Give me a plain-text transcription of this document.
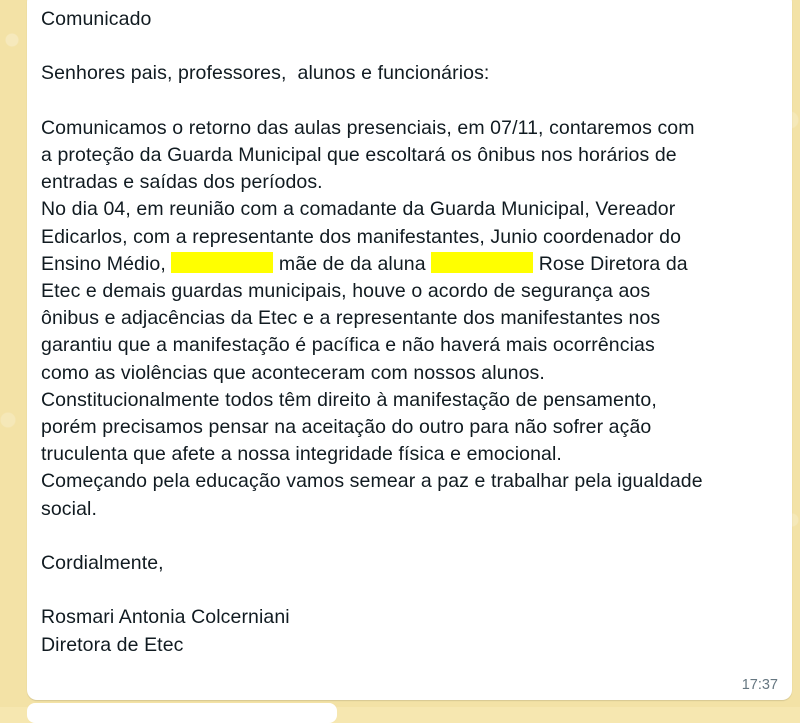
Comunicado

Senhores pais, professores,  alunos e funcionários:

Comunicamos o retorno das aulas presenciais, em 07/11, contaremos com
a proteção da Guarda Municipal que escoltará os ônibus nos horários de
entradas e saídas dos períodos.
No dia 04, em reunião com a comadante da Guarda Municipal, Vereador
Edicarlos, com a representante dos manifestantes, Junio coordenador do
Ensino Médio,	mãe de da aluna	Rose Diretora da
Etec e demais guardas municipais, houve o acordo de segurança aos
ônibus e adjacências da Etec e a representante dos manifestantes nos
garantiu que a manifestação é pacífica e não haverá mais ocorrências
como as violências que aconteceram com nossos alunos.
Constitucionalmente todos têm direito à manifestação de pensamento,
porém precisamos pensar na aceitação do outro para não sofrer ação
truculenta que afete a nossa integridade física e emocional.
Começando pela educação vamos semear a paz e trabalhar pela igualdade
social.

Cordialmente,

Rosmari Antonia Colcerniani
Diretora de Etec

17:37
